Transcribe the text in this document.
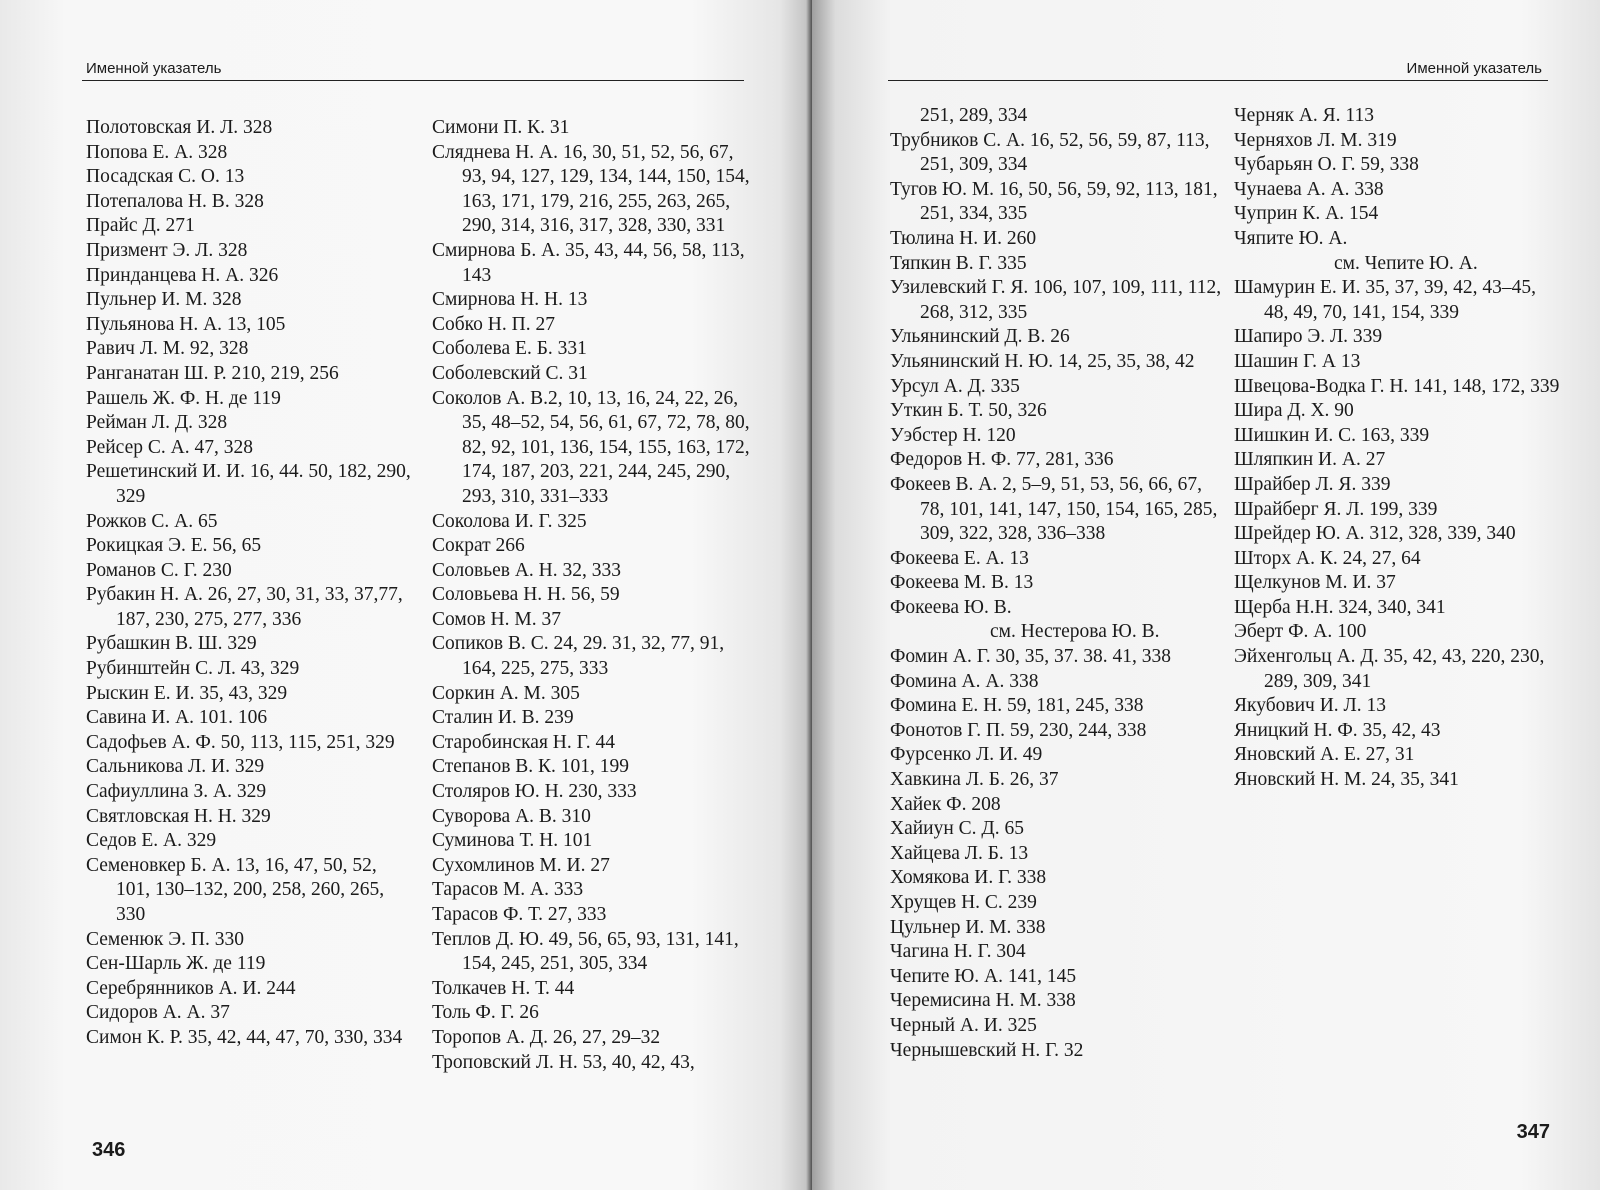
Именной указатель
Полотовская И. Л. 328
Попова Е. А. 328
Посадская С. О. 13
Потепалова Н. В. 328
Прайс Д. 271
Призмент Э. Л. 328
Принданцева Н. А. 326
Пульнер И. М. 328
Пульянова Н. А. 13, 105
Равич Л. М. 92, 328
Ранганатан Ш. Р. 210, 219, 256
Рашель Ж. Ф. Н. де 119
Рейман Л. Д. 328
Рейсер С. А. 47, 328
Решетинский И. И. 16, 44. 50, 182, 290, 329
Рожков С. А. 65
Рокицкая Э. Е. 56, 65
Романов С. Г. 230
Рубакин Н. А. 26, 27, 30, 31, 33, 37,77, 187, 230, 275, 277, 336
Рубашкин В. Ш. 329
Рубинштейн С. Л. 43, 329
Рыскин Е. И. 35, 43, 329
Савина И. А. 101. 106
Садофьев А. Ф. 50, 113, 115, 251, 329
Сальникова Л. И. 329
Сафиуллина З. А. 329
Святловская Н. Н. 329
Седов Е. А. 329
Семеновкер Б. А. 13, 16, 47, 50, 52, 101, 130–132, 200, 258, 260, 265, 330
Семенюк Э. П. 330
Сен-Шарль Ж. де 119
Серебрянников А. И. 244
Сидоров А. А. 37
Симон К. Р. 35, 42, 44, 47, 70, 330, 334
Симони П. К. 31
Сляднева Н. А. 16, 30, 51, 52, 56, 67, 93, 94, 127, 129, 134, 144, 150, 154, 163, 171, 179, 216, 255, 263, 265, 290, 314, 316, 317, 328, 330, 331
Смирнова Б. А. 35, 43, 44, 56, 58, 113, 143
Смирнова Н. Н. 13
Собко Н. П. 27
Соболева Е. Б. 331
Соболевский С. 31
Соколов А. В.2, 10, 13, 16, 24, 22, 26, 35, 48–52, 54, 56, 61, 67, 72, 78, 80, 82, 92, 101, 136, 154, 155, 163, 172, 174, 187, 203, 221, 244, 245, 290, 293, 310, 331–333
Соколова И. Г. 325
Сократ 266
Соловьев А. Н. 32, 333
Соловьева Н. Н. 56, 59
Сомов Н. М. 37
Сопиков В. С. 24, 29. 31, 32, 77, 91, 164, 225, 275, 333
Соркин А. М. 305
Сталин И. В. 239
Старобинская Н. Г. 44
Степанов В. К. 101, 199
Столяров Ю. Н. 230, 333
Суворова А. В. 310
Суминова Т. Н. 101
Сухомлинов М. И. 27
Тарасов М. А. 333
Тарасов Ф. Т. 27, 333
Теплов Д. Ю. 49, 56, 65, 93, 131, 141, 154, 245, 251, 305, 334
Толкачев Н. Т. 44
Толь Ф. Г. 26
Торопов А. Д. 26, 27, 29–32
Троповский Л. Н. 53, 40, 42, 43,
346
Именной указатель
251, 289, 334
Трубников С. А. 16, 52, 56, 59, 87, 113, 251, 309, 334
Тугов Ю. М. 16, 50, 56, 59, 92, 113, 181, 251, 334, 335
Тюлина Н. И. 260
Тяпкин В. Г. 335
Узилевский Г. Я. 106, 107, 109, 111, 112, 268, 312, 335
Ульянинский Д. В. 26
Ульянинский Н. Ю. 14, 25, 35, 38, 42
Урсул А. Д. 335
Уткин Б. Т. 50, 326
Уэбстер Н. 120
Федоров Н. Ф. 77, 281, 336
Фокеев В. А. 2, 5–9, 51, 53, 56, 66, 67, 78, 101, 141, 147, 150, 154, 165, 285, 309, 322, 328, 336–338
Фокеева Е. А. 13
Фокеева М. В. 13
Фокеева Ю. В.
см. Нестерова Ю. В.
Фомин А. Г. 30, 35, 37. 38. 41, 338
Фомина А. А. 338
Фомина Е. Н. 59, 181, 245, 338
Фонотов Г. П. 59, 230, 244, 338
Фурсенко Л. И. 49
Хавкина Л. Б. 26, 37
Хайек Ф. 208
Хайиун С. Д. 65
Хайцева Л. Б. 13
Хомякова И. Г. 338
Хрущев Н. С. 239
Цульнер И. М. 338
Чагина Н. Г. 304
Чепите Ю. А. 141, 145
Черемисина Н. М. 338
Черный А. И. 325
Чернышевский Н. Г. 32
Черняк А. Я. 113
Черняхов Л. М. 319
Чубарьян О. Г. 59, 338
Чунаева А. А. 338
Чуприн К. А. 154
Чяпите Ю. А.
см. Чепите Ю. А.
Шамурин Е. И. 35, 37, 39, 42, 43–45, 48, 49, 70, 141, 154, 339
Шапиро Э. Л. 339
Шашин Г. А 13
Швецова-Водка Г. Н. 141, 148, 172, 339
Шира Д. Х. 90
Шишкин И. С. 163, 339
Шляпкин И. А. 27
Шрайбер Л. Я. 339
Шрайберг Я. Л. 199, 339
Шрейдер Ю. А. 312, 328, 339, 340
Шторх А. К. 24, 27, 64
Щелкунов М. И. 37
Щерба Н.Н. 324, 340, 341
Эберт Ф. А. 100
Эйхенгольц А. Д. 35, 42, 43, 220, 230, 289, 309, 341
Якубович И. Л. 13
Яницкий Н. Ф. 35, 42, 43
Яновский А. Е. 27, 31
Яновский Н. М. 24, 35, 341
347
